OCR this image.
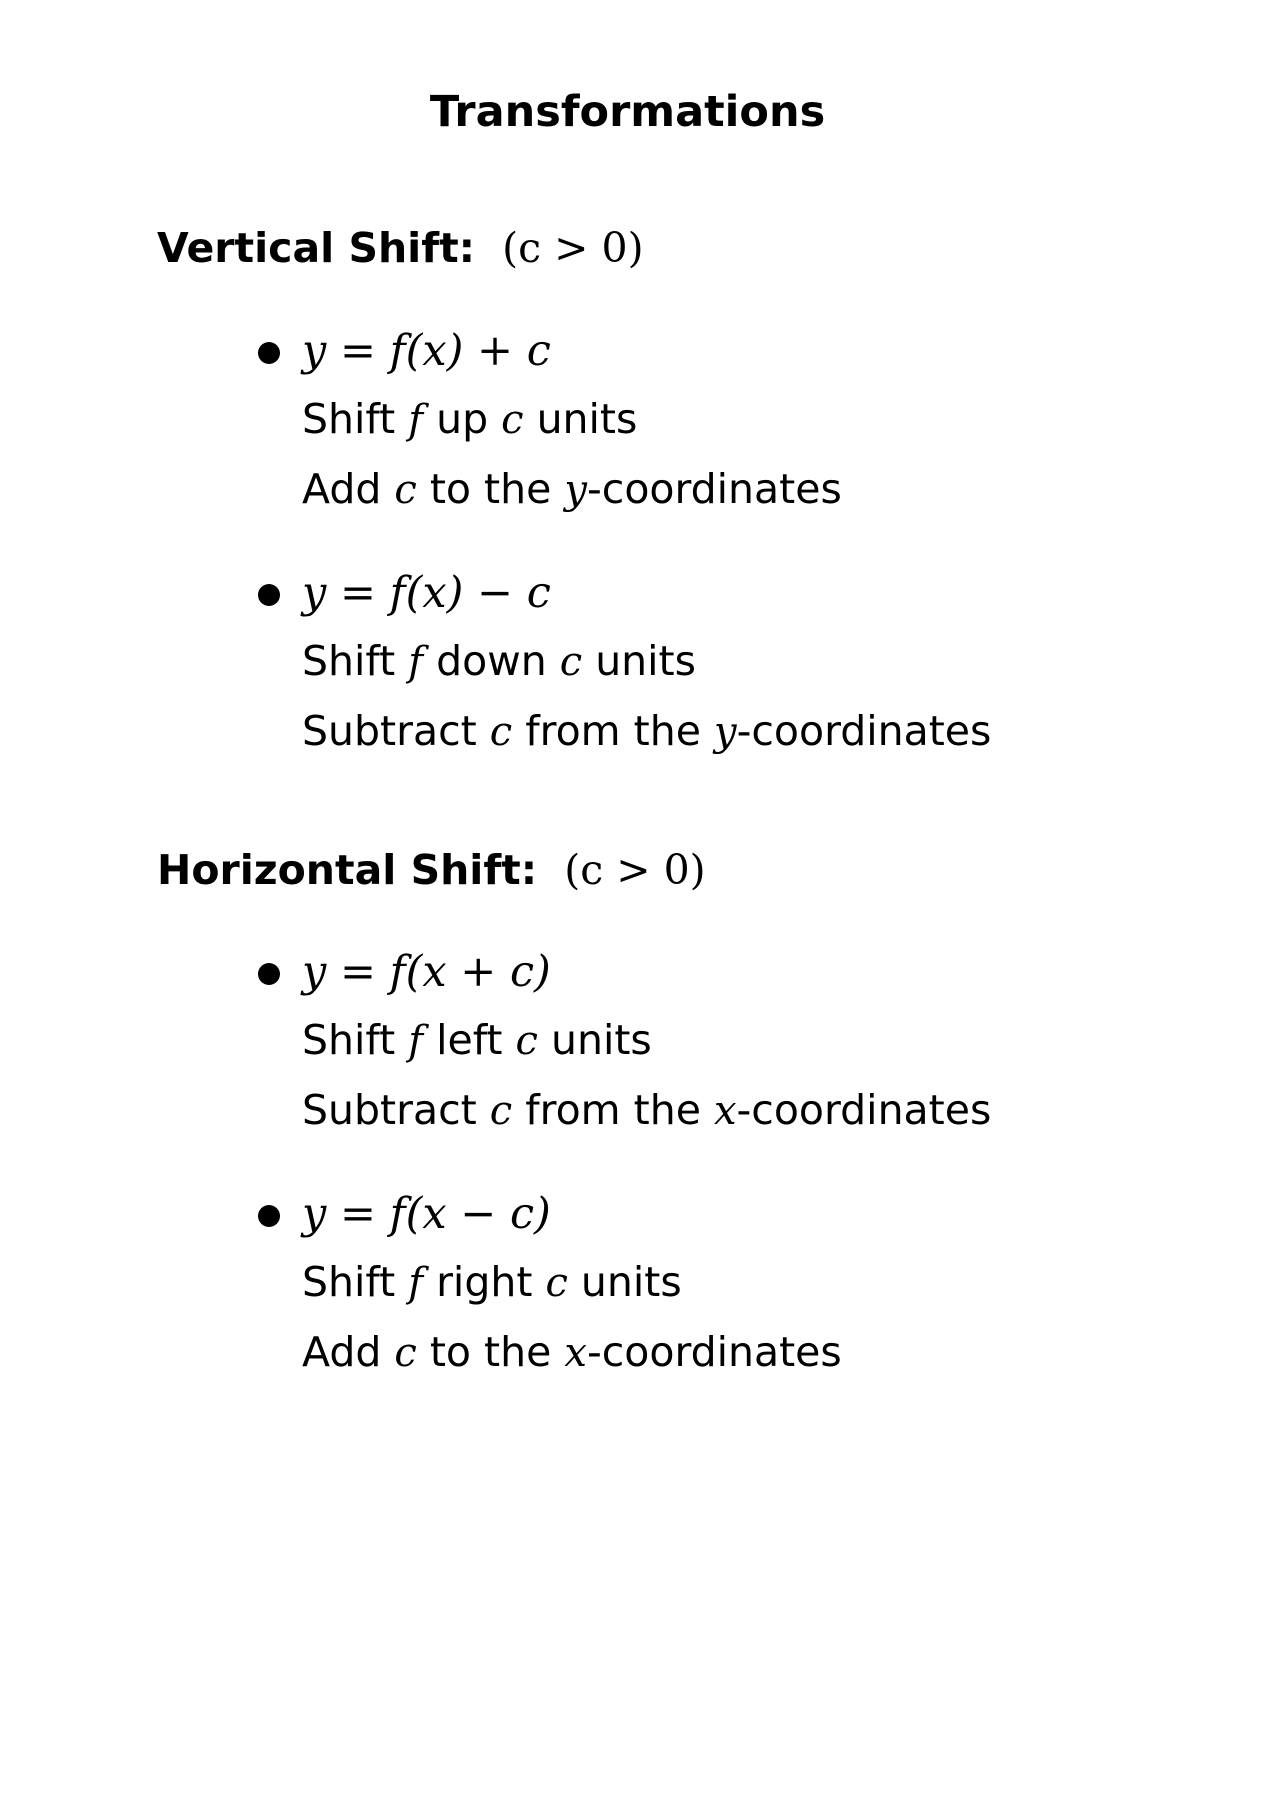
Transformations
Vertical Shift: (c > 0)
y = f(x) + c
Shift f up c units
Add c to the y-coordinates
y = f(x) − c
Shift f down c units
Subtract c from the y-coordinates
Horizontal Shift: (c > 0)
y = f(x + c)
Shift f left c units
Subtract c from the x-coordinates
y = f(x − c)
Shift f right c units
Add c to the x-coordinates
